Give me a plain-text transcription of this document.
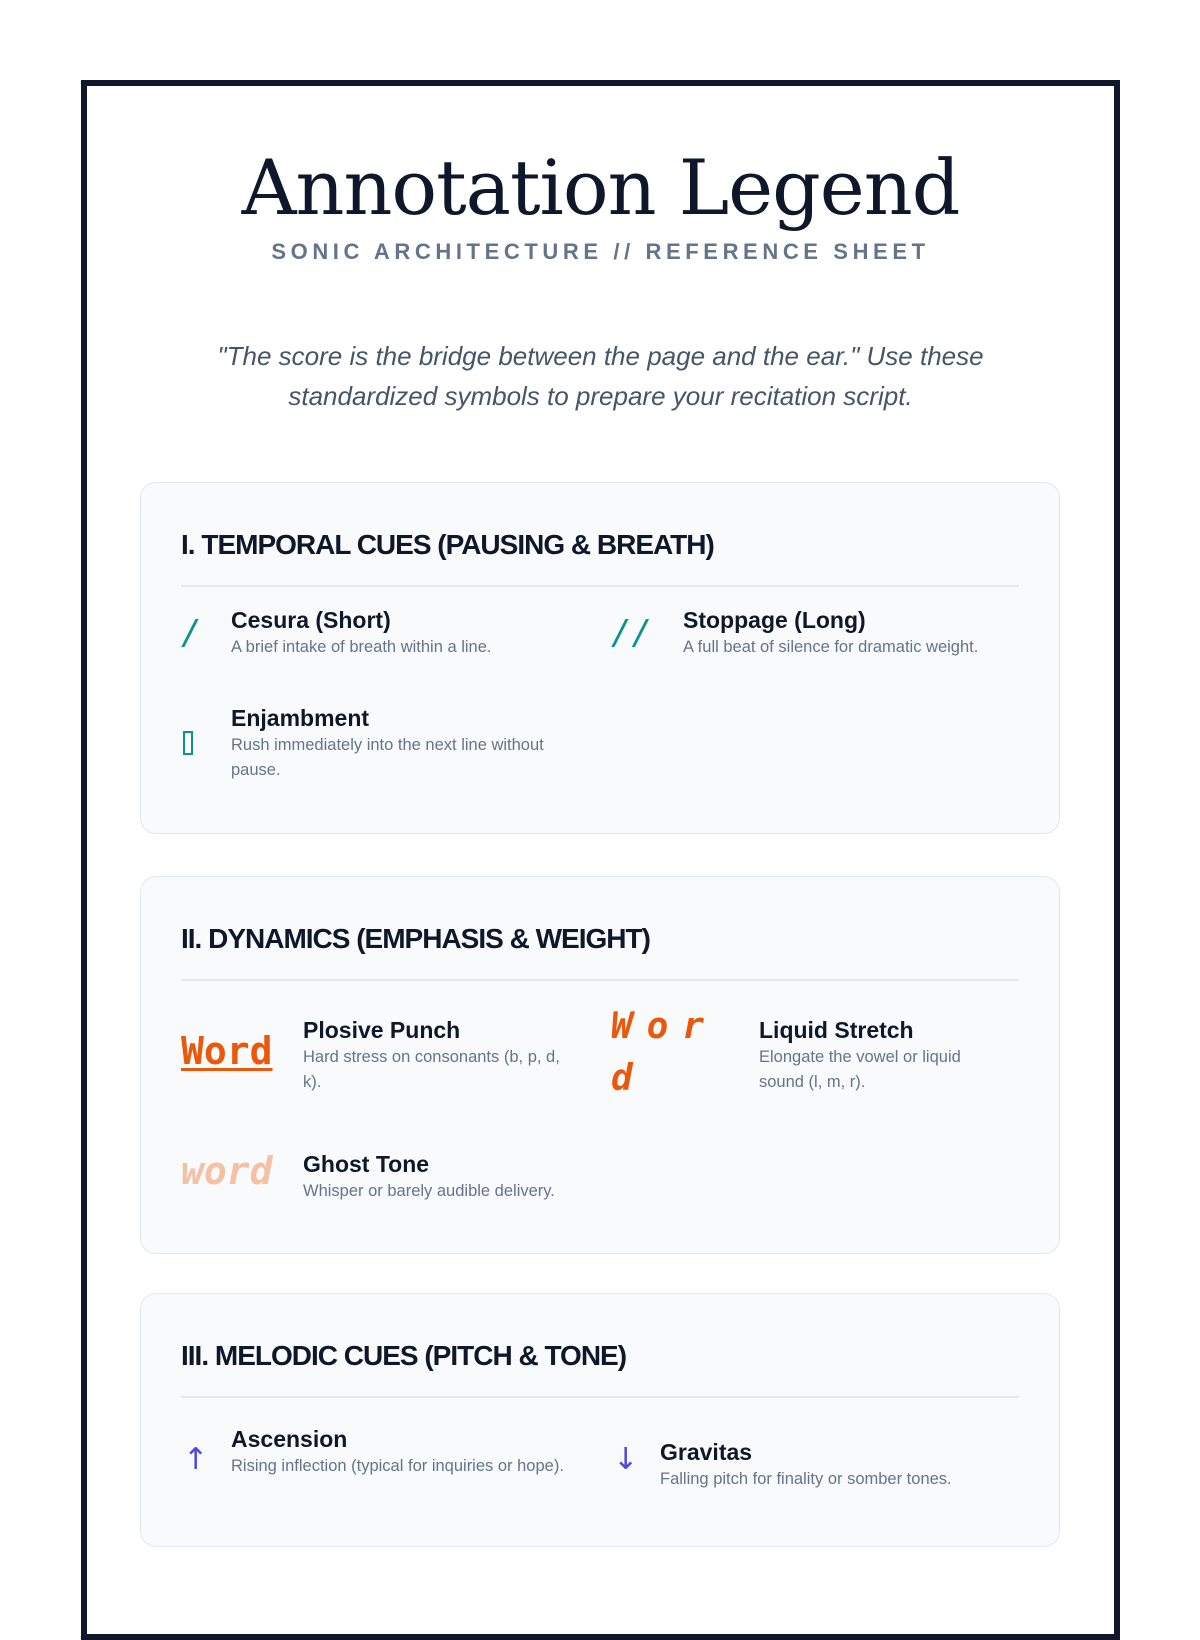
Annotation Legend
SONIC ARCHITECTURE // REFERENCE SHEET
"The score is the bridge between the page and the ear." Use these standardized symbols to prepare your recitation script.
I. TEMPORAL CUES (PAUSING & BREATH)
/ Cesura (Short)
A brief intake of breath within a line.	// Stoppage (Long)
A full beat of silence for dramatic weight.
Enjambment
Rush immediately into the next line without pause.
II. DYNAMICS (EMPHASIS & WEIGHT)
Word Plosive Punch
Hard stress on consonants (b, p, d, k).
Word
Liquid Stretch
Elongate the vowel or liquid sound (l, m, r).
word Ghost Tone
Whisper or barely audible delivery.
III. MELODIC CUES (PITCH & TONE)
↑
Ascension
Rising inflection (typical for inquiries or hope). ↓ Gravitas
Falling pitch for finality or somber tones.
